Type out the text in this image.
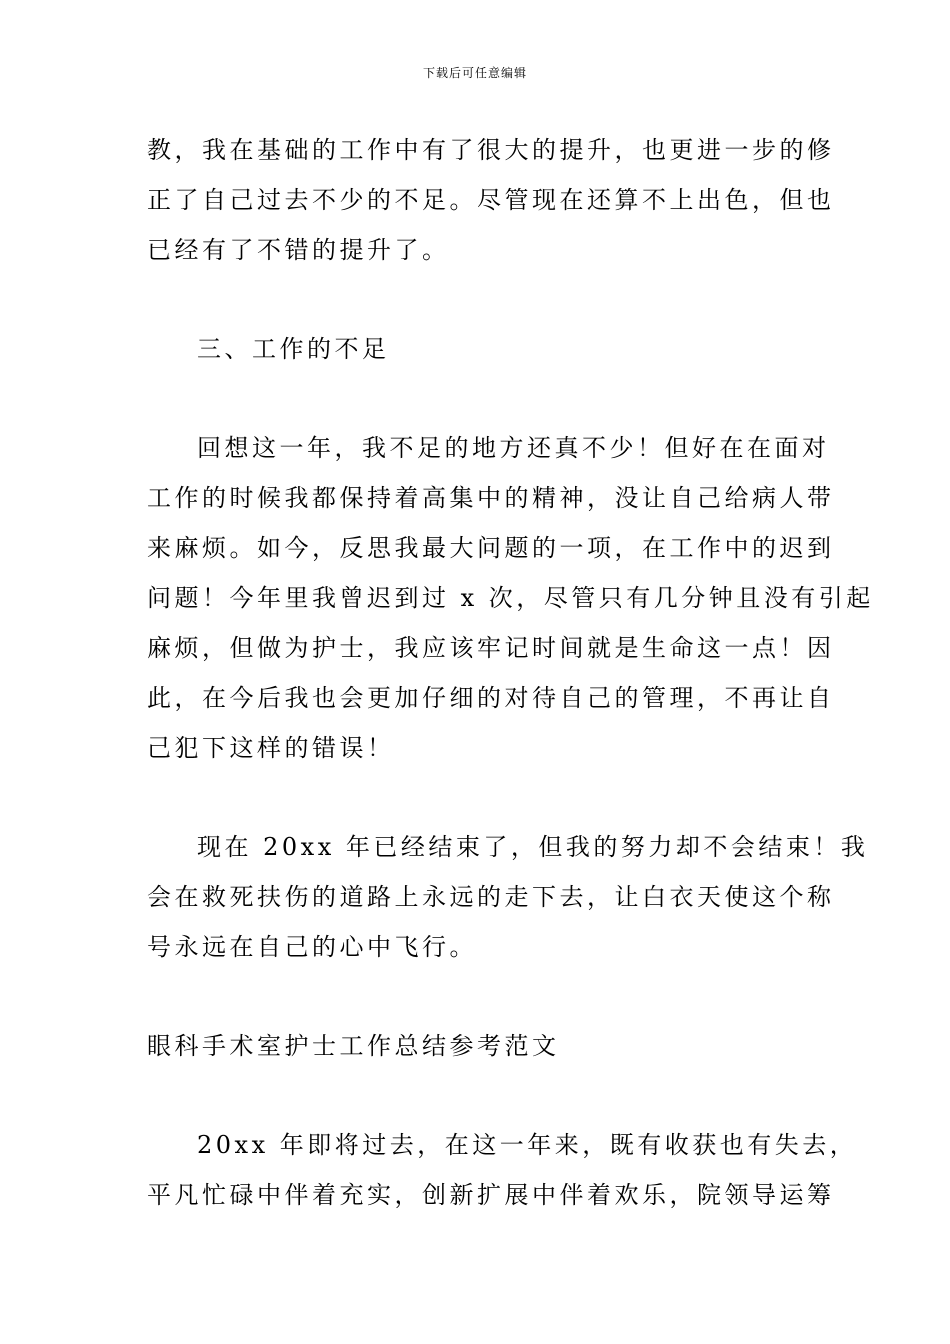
下载后可任意编辑
教，我在基础的工作中有了很大的提升，也更进一步的修
正了自己过去不少的不足。尽管现在还算不上出色，但也
已经有了不错的提升了。
三、工作的不足
回想这一年，我不足的地方还真不少！但好在在面对
工作的时候我都保持着高集中的精神，没让自己给病人带
来麻烦。如今，反思我最大问题的一项，在工作中的迟到
问题！今年里我曾迟到过 x 次，尽管只有几分钟且没有引起
麻烦，但做为护士，我应该牢记时间就是生命这一点！因
此，在今后我也会更加仔细的对待自己的管理，不再让自
己犯下这样的错误！
现在 20xx 年已经结束了，但我的努力却不会结束！我
会在救死扶伤的道路上永远的走下去，让白衣天使这个称
号永远在自己的心中飞行。
眼科手术室护士工作总结参考范文
20xx 年即将过去，在这一年来，既有收获也有失去，
平凡忙碌中伴着充实，创新扩展中伴着欢乐，院领导运筹
